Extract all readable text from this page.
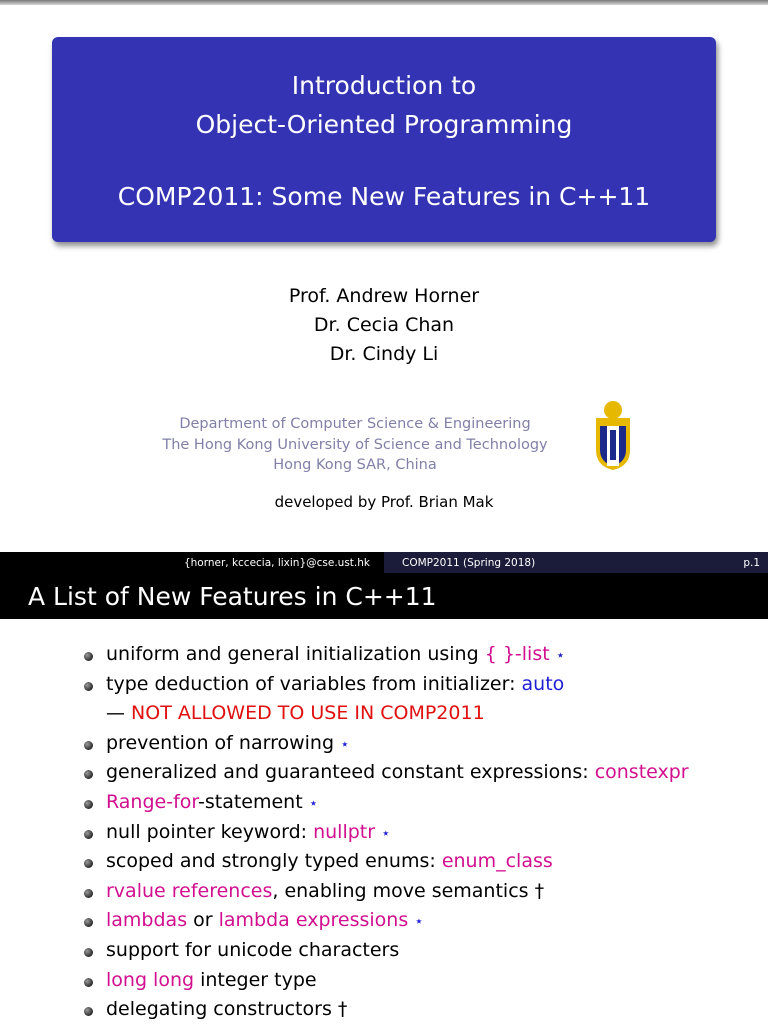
Introduction to
Object-Oriented Programming
COMP2011: Some New Features in C++11
Prof. Andrew Horner
Dr. Cecia Chan
Dr. Cindy Li
Department of Computer Science & Engineering
The Hong Kong University of Science and Technology
Hong Kong SAR, China
developed by Prof. Brian Mak
{horner, kccecia, lixin}@cse.ust.hk	COMP2011 (Spring 2018)	p.1
A List of New Features in C++11
uniform and general initialization using { }-list ⋆
type deduction of variables from initializer: auto
— NOT ALLOWED TO USE IN COMP2011
prevention of narrowing ⋆
generalized and guaranteed constant expressions: constexpr
Range-for-statement ⋆
null pointer keyword: nullptr ⋆
scoped and strongly typed enums: enum_class
rvalue references, enabling move semantics †
lambdas or lambda expressions ⋆
support for unicode characters
long long integer type
delegating constructors †
